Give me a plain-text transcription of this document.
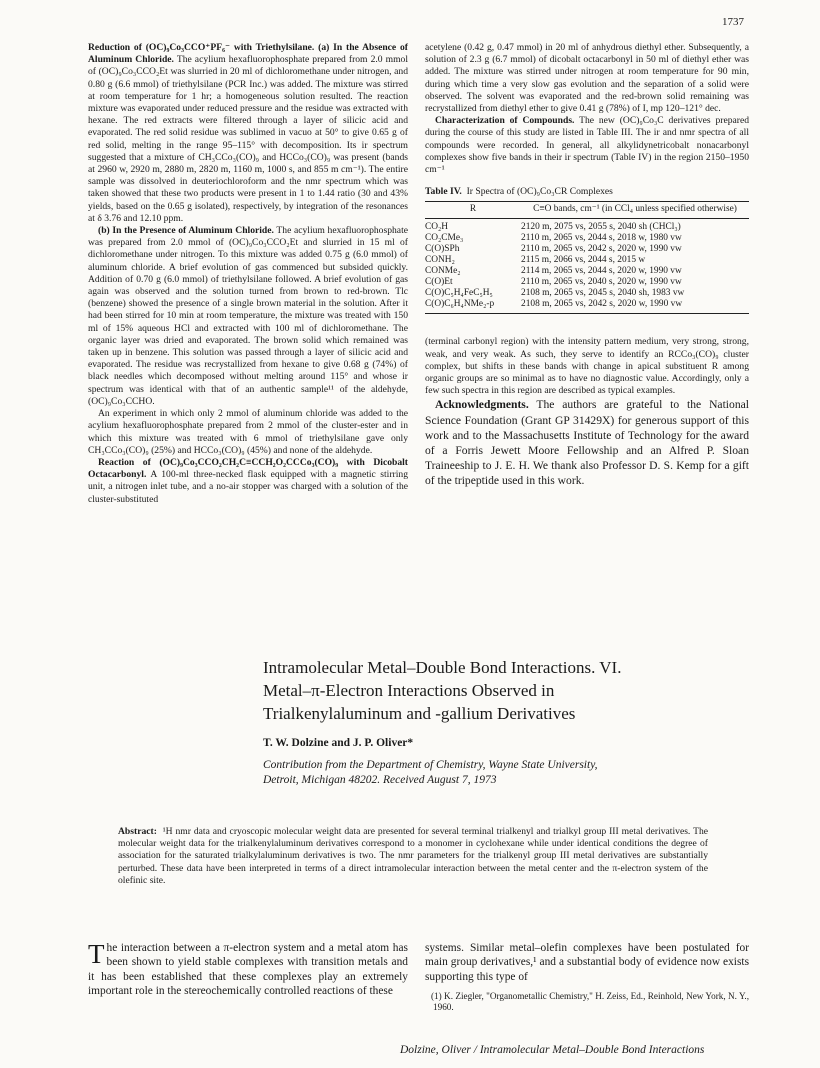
1737

Reduction of (OC)₉Co₃CCO⁺PF₆⁻ with Triethylsilane. (a) In the Absence of Aluminum Chloride. The acylium hexafluorophosphate prepared from 2.0 mmol of (OC)₉Co₃CCO₂Et was slurried in 20 ml of dichloromethane under nitrogen, and 0.80 g (6.6 mmol) of triethylsilane (PCR Inc.) was added. The mixture was stirred at room temperature for 1 hr; a homogeneous solution resulted. The reaction mixture was evaporated under reduced pressure and the residue was extracted with hexane. The red extracts were filtered through a layer of silicic acid and evaporated. The red solid residue was sublimed in vacuo at 50° to give 0.65 g of red solid, melting in the range 95–115° with decomposition. Its ir spectrum suggested that a mixture of CH₃CCo₃(CO)₉ and HCCo₃(CO)₉ was present (bands at 2960 w, 2920 m, 2880 m, 2820 m, 1160 m, 1000 s, and 855 m cm⁻¹). The entire sample was dissolved in deuteriochloroform and the nmr spectrum which was taken showed that these two products were present in 1 to 1.44 ratio (30 and 43% yields, based on the 0.65 g isolated), respectively, by integration of the resonances at δ 3.76 and 12.10 ppm.

(b) In the Presence of Aluminum Chloride. The acylium hexafluorophosphate was prepared from 2.0 mmol of (OC)₉Co₃CCO₂Et and slurried in 15 ml of dichloromethane under nitrogen. To this mixture was added 0.75 g (6.0 mmol) of aluminum chloride. A brief evolution of gas commenced but subsided quickly. Addition of 0.70 g (6.0 mmol) of triethylsilane followed. A brief evolution of gas again was observed and the solution turned from brown to red-brown. Tlc (benzene) showed the presence of a single brown material in the solution. After it had been stirred for 10 min at room temperature, the mixture was treated with 150 ml of 15% aqueous HCl and extracted with 100 ml of dichloromethane. The organic layer was dried and evaporated. The brown solid which remained was taken up in benzene. This solution was passed through a layer of silicic acid and evaporated. The residue was recrystallized from hexane to give 0.68 g (74%) of black needles which decomposed without melting around 115° and whose ir spectrum was identical with that of an authentic sample¹¹ of the aldehyde, (OC)₉Co₃CCHO.

An experiment in which only 2 mmol of aluminum chloride was added to the acylium hexafluorophosphate prepared from 2 mmol of the cluster-ester and in which this mixture was treated with 6 mmol of triethylsilane gave only CH₃CCo₃(CO)₉ (25%) and HCCo₃(CO)₉ (45%) and none of the aldehyde.

Reaction of (OC)₉Co₃CCO₂CH₂C≡CCH₂O₂CCCo₃(CO)₉ with Dicobalt Octacarbonyl. A 100-ml three-necked flask equipped with a magnetic stirring unit, a nitrogen inlet tube, and a no-air stopper was charged with a solution of the cluster-substituted

acetylene (0.42 g, 0.47 mmol) in 20 ml of anhydrous diethyl ether. Subsequently, a solution of 2.3 g (6.7 mmol) of dicobalt octacarbonyl in 50 ml of diethyl ether was added. The mixture was stirred under nitrogen at room temperature for 90 min, during which time a very slow gas evolution and the separation of a solid were observed. The solvent was evaporated and the red-brown solid remaining was recrystallized from diethyl ether to give 0.41 g (78%) of I, mp 120–121° dec.

Characterization of Compounds. The new (OC)₉Co₃C derivatives prepared during the course of this study are listed in Table III. The ir and nmr spectra of all compounds were recorded. In general, all alkylidynetricobalt nonacarbonyl complexes show five bands in their ir spectrum (Table IV) in the region 2150–1950 cm⁻¹

Table IV. Ir Spectra of (OC)₉Co₃CR Complexes
R	C≡O bands, cm⁻¹ (in CCl₄ unless specified otherwise)
CO₂H	2120 m, 2075 vs, 2055 s, 2040 sh (CHCl₃)
CO₂CMe₃	2110 m, 2065 vs, 2044 s, 2018 w, 1980 vw
C(O)SPh	2110 m, 2065 vs, 2042 s, 2020 w, 1990 vw
CONH₂	2115 m, 2066 vs, 2044 s, 2015 w
CONMe₂	2114 m, 2065 vs, 2044 s, 2020 w, 1990 vw
C(O)Et	2110 m, 2065 vs, 2040 s, 2020 w, 1990 vw
C(O)C₅H₄FeC₅H₅	2108 m, 2065 vs, 2045 s, 2040 sh, 1983 vw
C(O)C₆H₄NMe₂-p	2108 m, 2065 vs, 2042 s, 2020 w, 1990 vw

(terminal carbonyl region) with the intensity pattern medium, very strong, strong, weak, and very weak. As such, they serve to identify an RCCo₃(CO)₉ cluster complex, but shifts in these bands with change in apical substituent R among organic groups are so minimal as to have no diagnostic value. Accordingly, only a few such spectra in this region are described as typical examples.

Acknowledgments. The authors are grateful to the National Science Foundation (Grant GP 31429X) for generous support of this work and to the Massachusetts Institute of Technology for the award of a Forris Jewett Moore Fellowship and an Alfred P. Sloan Traineeship to J. E. H. We thank also Professor D. S. Kemp for a gift of the tripeptide used in this work.

Intramolecular Metal–Double Bond Interactions. VI.
Metal–π-Electron Interactions Observed in
Trialkenylaluminum and -gallium Derivatives
T. W. Dolzine and J. P. Oliver*
Contribution from the Department of Chemistry, Wayne State University,
Detroit, Michigan 48202. Received August 7, 1973
Abstract: ¹H nmr data and cryoscopic molecular weight data are presented for several terminal trialkenyl and trialkyl group III metal derivatives. The molecular weight data for the trialkenylaluminum derivatives correspond to a monomer in cyclohexane while under identical conditions the degree of association for the saturated trialkylaluminum derivatives is two. The nmr parameters for the trialkenyl group III metal derivatives are substantially perturbed. These data have been interpreted in terms of a direct intramolecular interaction between the metal center and the π-electron system of the olefinic site.
The interaction between a π-electron system and a metal atom has been shown to yield stable complexes with transition metals and it has been established that these complexes play an extremely important role in the stereochemically controlled reactions of these
systems. Similar metal–olefin complexes have been postulated for main group derivatives,¹ and a substantial body of evidence now exists supporting this type of
(1) K. Ziegler, "Organometallic Chemistry," H. Zeiss, Ed., Reinhold, New York, N. Y., 1960.
Dolzine, Oliver / Intramolecular Metal–Double Bond Interactions
